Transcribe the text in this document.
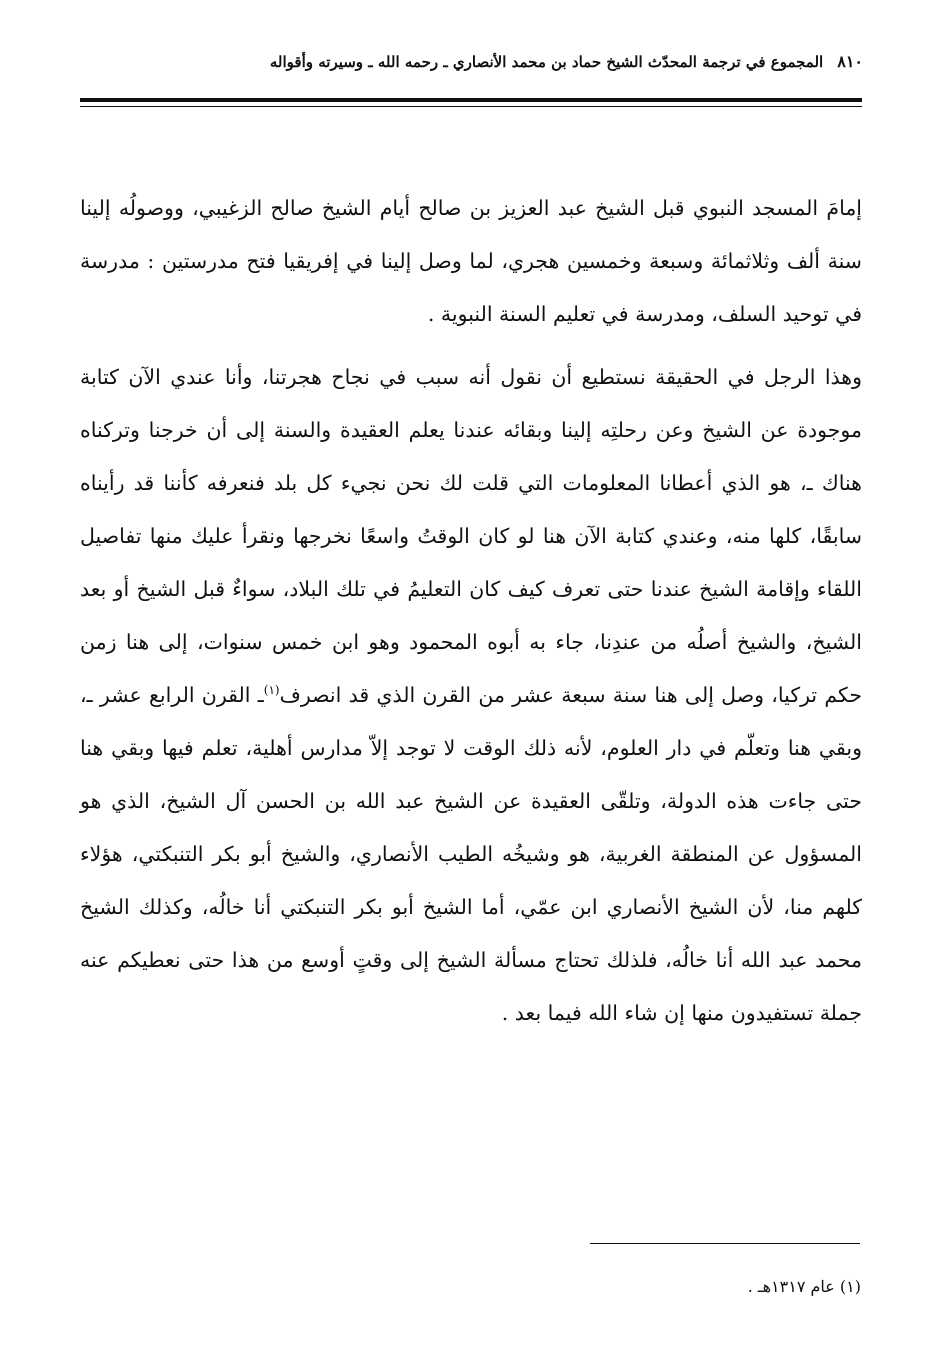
٨١٠
المجموع في ترجمة المحدّث الشيخ حماد بن محمد الأنصاري ـ رحمه الله ـ وسيرته وأقواله

إمامَ المسجد النبوي قبل الشيخ عبد العزيز بن صالح أيام الشيخ صالح الزغيبي، ووصولُه إلينا سنة ألف وثلاثمائة وسبعة وخمسين هجري، لما وصل إلينا في إفريقيا فتح مدرستين : مدرسة في توحيد السلف، ومدرسة في تعليم السنة النبوية .

وهذا الرجل في الحقيقة نستطيع أن نقول أنه سبب في نجاح هجرتنا، وأنا عندي الآن كتابة موجودة عن الشيخ وعن رحلتِه إلينا وبقائه عندنا يعلم العقيدة والسنة إلى أن خرجنا وتركناه هناك ـ، هو الذي أعطانا المعلومات التي قلت لك نحن نجيء كل بلد فنعرفه كأننا قد رأيناه سابقًا، كلها منه، وعندي كتابة الآن هنا لو كان الوقتُ واسعًا نخرجها ونقرأ عليك منها تفاصيل اللقاء وإقامة الشيخ عندنا حتى تعرف كيف كان التعليمُ في تلك البلاد، سواءٌ قبل الشيخ أو بعد الشيخ، والشيخ أصلُه من عندِنا، جاء به أبوه المحمود وهو ابن خمس سنوات، إلى هنا زمن حكم تركيا، وصل إلى هنا سنة سبعة عشر من القرن الذي قد انصرف$^{(١)}$ـ القرن الرابع عشر ـ، وبقي هنا وتعلّم في دار العلوم، لأنه ذلك الوقت لا توجد إلاّ مدارس أهلية، تعلم فيها وبقي هنا حتى جاءت هذه الدولة، وتلقّى العقيدة عن الشيخ عبد الله بن الحسن آل الشيخ، الذي هو المسؤول عن المنطقة الغربية، هو وشيخُه الطيب الأنصاري، والشيخ أبو بكر التنبكتي، هؤلاء كلهم منا، لأن الشيخ الأنصاري ابن عمّي، أما الشيخ أبو بكر التنبكتي أنا خالُه، وكذلك الشيخ محمد عبد الله أنا خالُه، فلذلك تحتاج مسألة الشيخ إلى وقتٍ أوسع من هذا حتى نعطيكم عنه جملة تستفيدون منها إن شاء الله فيما بعد .

(١) عام ١٣١٧هـ .
